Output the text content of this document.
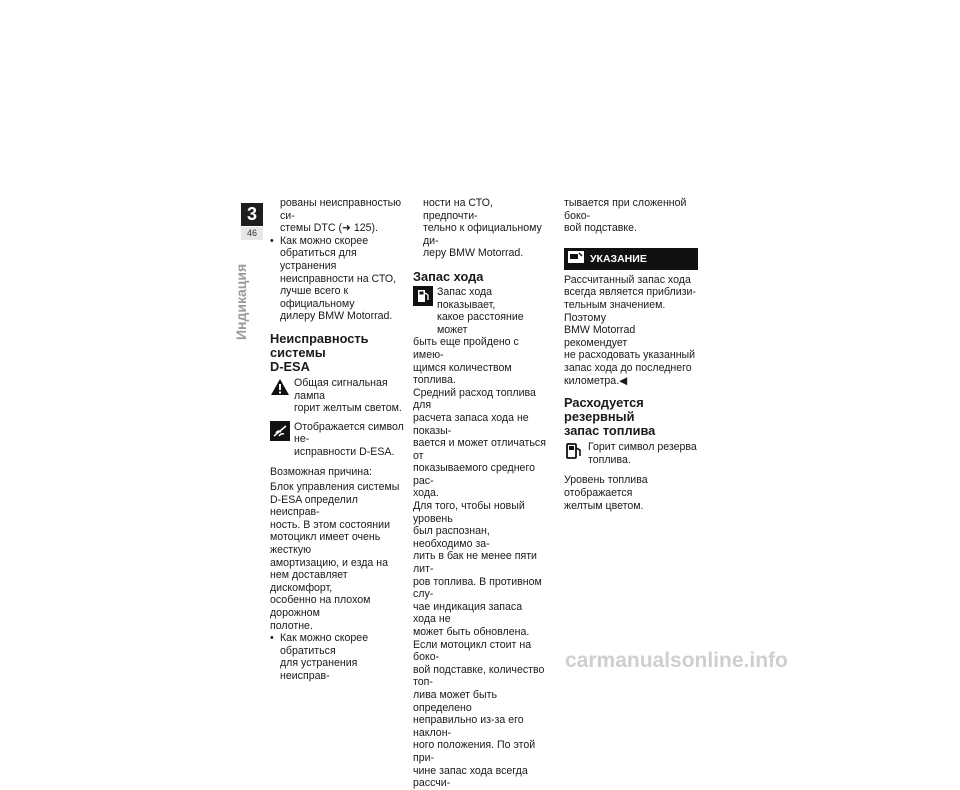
3
46
Индикация

рованы неисправностью си-
стемы DTC (➜ 125).

• Как можно скорее
обратиться для устранения
неисправности на СТО,
лучше всего к официальному
дилеру BMW Motorrad.

Неисправность системы
D-ESA

Общая сигнальная лампа
горит желтым светом.

Отображается символ не-
исправности D-ESA.

Возможная причина:

Блок управления системы
D-ESA определил неисправ-
ность. В этом состоянии
мотоцикл имеет очень жесткую
амортизацию, и езда на
нем доставляет дискомфорт,
особенно на плохом дорожном
полотне.

• Как можно скорее обратиться
для устранения неисправ-

ности на СТО, предпочти-
тельно к официальному ди-
леру BMW Motorrad.

Запас хода

Запас хода показывает,
какое расстояние может

быть еще пройдено с имею-
щимся количеством топлива.
Средний расход топлива для
расчета запаса хода не показы-
вается и может отличаться от
показываемого среднего рас-
хода.

Для того, чтобы новый уровень
был распознан, необходимо за-
лить в бак не менее пяти лит-
ров топлива. В противном слу-
чае индикация запаса хода не
может быть обновлена.

Если мотоцикл стоит на боко-
вой подставке, количество топ-
лива может быть определено
неправильно из-за его наклон-
ного положения. По этой при-
чине запас хода всегда рассчи-

тывается при сложенной боко-
вой подставке.

УКАЗАНИЕ

Рассчитанный запас хода
всегда является приблизи-
тельным значением. Поэтому
BMW Motorrad рекомендует
не расходовать указанный
запас хода до последнего
километра.◀

Расходуется резервный
запас топлива

Горит символ резерва
топлива.

Уровень топлива отображается
желтым цветом.

carmanualsonline.info
